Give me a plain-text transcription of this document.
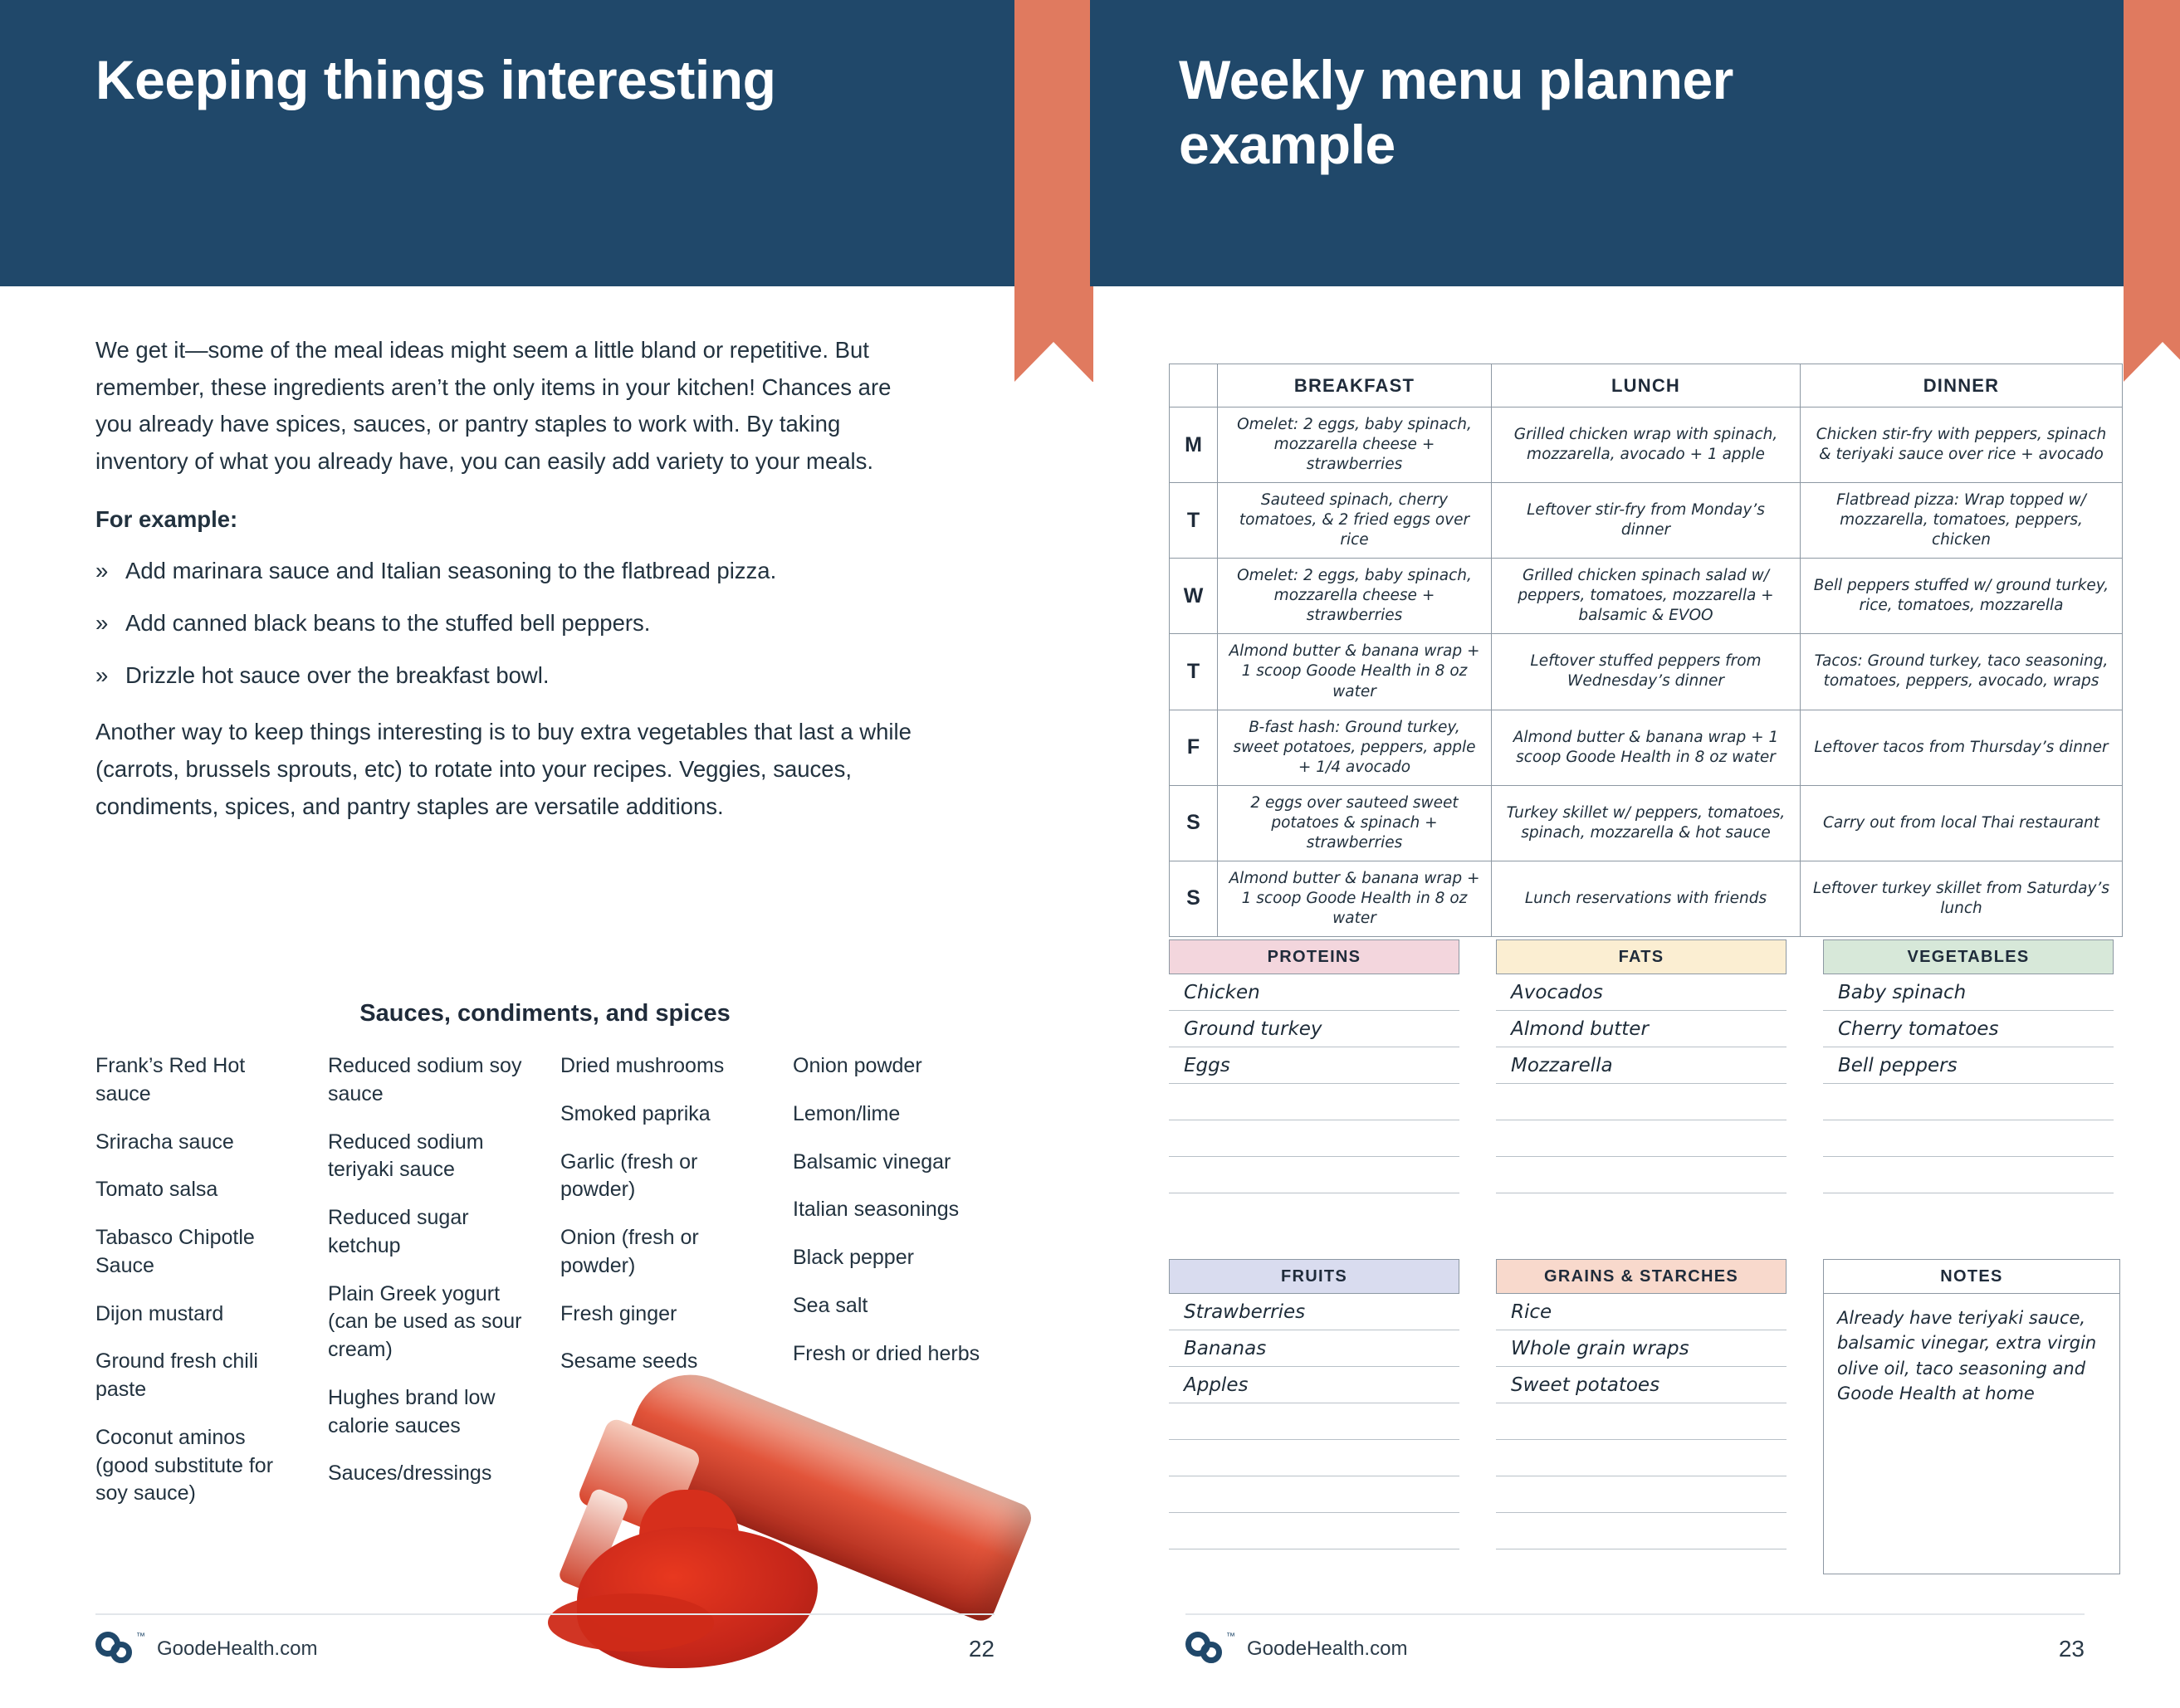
Keeping things interesting

We get it—some of the meal ideas might seem a little bland or repetitive. But remember, these ingredients aren’t the only items in your kitchen! Chances are you already have spices, sauces, or pantry staples to work with. By taking inventory of what you already have, you can easily add variety to your meals.

For example:

» Add marinara sauce and Italian seasoning to the flatbread pizza.
» Add canned black beans to the stuffed bell peppers.
» Drizzle hot sauce over the breakfast bowl.

Another way to keep things interesting is to buy extra vegetables that last a while (carrots, brussels sprouts, etc) to rotate into your recipes. Veggies, sauces, condiments, spices, and pantry staples are versatile additions.

Sauces, condiments, and spices
Frank’s Red Hot sauce
Sriracha sauce
Tomato salsa
Tabasco Chipotle Sauce
Dijon mustard
Ground fresh chili paste
Coconut aminos (good substitute for soy sauce)
Reduced sodium soy sauce
Reduced sodium teriyaki sauce
Reduced sugar ketchup
Plain Greek yogurt (can be used as sour cream)
Hughes brand low calorie sauces
Sauces/dressings
Dried mushrooms
Smoked paprika
Garlic (fresh or powder)
Onion (fresh or powder)
Fresh ginger
Sesame seeds
Onion powder
Lemon/lime
Balsamic vinegar
Italian seasonings
Black pepper
Sea salt
Fresh or dried herbs
™
GoodeHealth.com	22
Weekly menu planner example
	BREAKFAST	LUNCH	DINNER
M	Omelet: 2 eggs, baby spinach, mozzarella cheese + strawberries	Grilled chicken wrap with spinach, mozzarella, avocado + 1 apple	Chicken stir-fry with peppers, spinach & teriyaki sauce over rice + avocado
T	Sauteed spinach, cherry tomatoes, & 2 fried eggs over rice	Leftover stir-fry from Monday’s dinner	Flatbread pizza: Wrap topped w/ mozzarella, tomatoes, peppers, chicken
W	Omelet: 2 eggs, baby spinach, mozzarella cheese + strawberries	Grilled chicken spinach salad w/ peppers, tomatoes, mozzarella + balsamic & EVOO	Bell peppers stuffed w/ ground turkey, rice, tomatoes, mozzarella
T	Almond butter & banana wrap + 1 scoop Goode Health in 8 oz water	Leftover stuffed peppers from Wednesday’s dinner	Tacos: Ground turkey, taco seasoning, tomatoes, peppers, avocado, wraps
F	B-fast hash: Ground turkey, sweet potatoes, peppers, apple + 1/4 avocado	Almond butter & banana wrap + 1 scoop Goode Health in 8 oz water	Leftover tacos from Thursday’s dinner
S	2 eggs over sauteed sweet potatoes & spinach + strawberries	Turkey skillet w/ peppers, tomatoes, spinach, mozzarella & hot sauce	Carry out from local Thai restaurant
S	Almond butter & banana wrap + 1 scoop Goode Health in 8 oz water	Lunch reservations with friends	Leftover turkey skillet from Saturday’s lunch
PROTEINS
Chicken
Ground turkey
Eggs
FATS
Avocados
Almond butter
Mozzarella
VEGETABLES
Baby spinach
Cherry tomatoes
Bell peppers
FRUITS
Strawberries
Bananas
Apples
GRAINS & STARCHES
Rice
Whole grain wraps
Sweet potatoes
NOTES
Already have teriyaki sauce, balsamic vinegar, extra virgin olive oil, taco seasoning and Goode Health at home
™
GoodeHealth.com	23
